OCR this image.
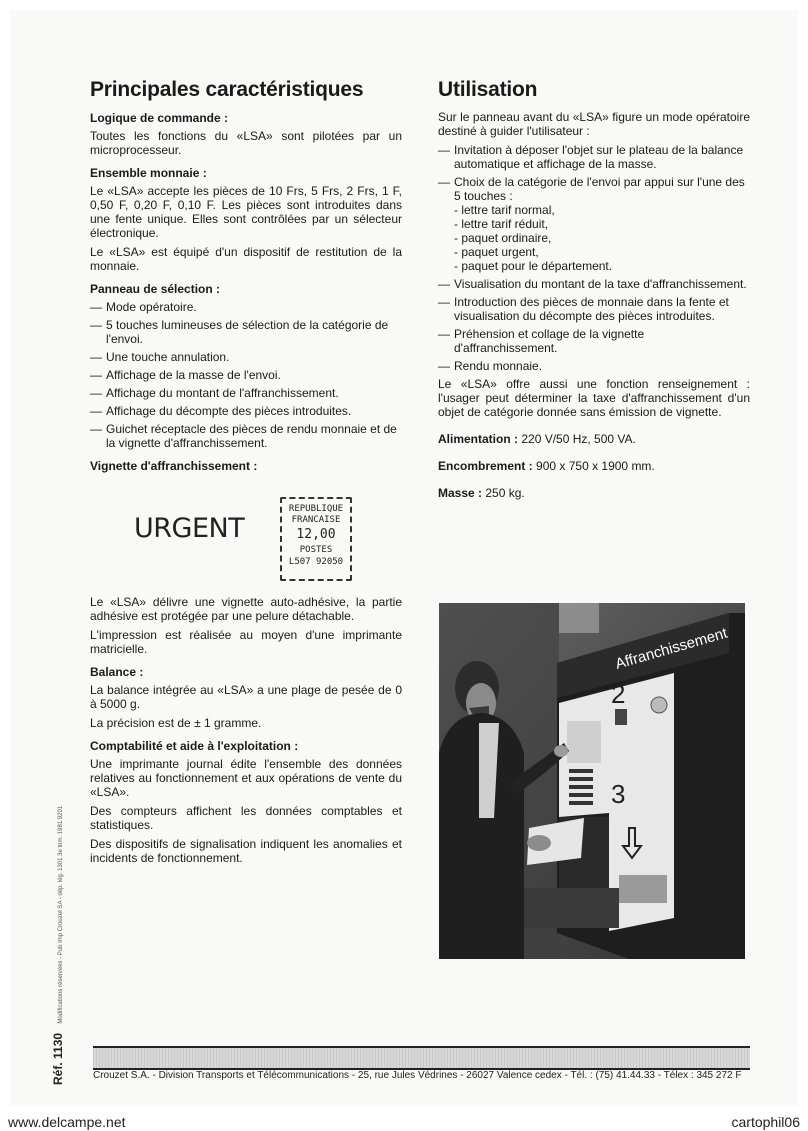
Principales caractéristiques
Logique de commande :

Toutes les fonctions du «LSA» sont pilotées par un microprocesseur.

Ensemble monnaie :

Le «LSA» accepte les pièces de 10 Frs, 5 Frs, 2 Frs, 1 F, 0,50 F, 0,20 F, 0,10 F. Les pièces sont introduites dans une fente unique. Elles sont contrôlées par un sélecteur électronique.

Le «LSA» est équipé d'un dispositif de restitution de la monnaie.

Panneau de sélection :
— Mode opératoire.
— 5 touches lumineuses de sélection de la catégorie de l'envoi.
— Une touche annulation.
— Affichage de la masse de l'envoi.
— Affichage du montant de l'affranchissement.
— Affichage du décompte des pièces introduites.
— Guichet réceptacle des pièces de rendu monnaie et de la vignette d'affranchissement.
Vignette d'affranchissement :
URGENT
REPUBLIQUE
FRANCAISE
12,00
POSTES
L507 92050

Le «LSA» délivre une vignette auto-adhésive, la partie adhésive est protégée par une pelure détachable.

L'impression est réalisée au moyen d'une imprimante matricielle.

Balance :

La balance intégrée au «LSA» a une plage de pesée de 0 à 5000 g.

La précision est de ± 1 gramme.

Comptabilité et aide à l'exploitation :

Une imprimante journal édite l'ensemble des données relatives au fonctionnement et aux opérations de vente du «LSA».

Des compteurs affichent les données comptables et statistiques.

Des dispositifs de signalisation indiquent les anomalies et incidents de fonctionnement.

Utilisation

Sur le panneau avant du «LSA» figure un mode opératoire destiné à guider l'utilisateur :

— Invitation à déposer l'objet sur le plateau de la balance automatique et affichage de la masse.
— Choix de la catégorie de l'envoi par appui sur l'une des 5 touches :
- lettre tarif normal,
- lettre tarif réduit,
- paquet ordinaire,
- paquet urgent,
- paquet pour le département.
— Visualisation du montant de la taxe d'affranchissement.
— Introduction des pièces de monnaie dans la fente et visualisation du décompte des pièces introduites.
— Préhension et collage de la vignette d'affranchissement.
— Rendu monnaie.

Le «LSA» offre aussi une fonction renseignement : l'usager peut déterminer la taxe d'affranchissement d'un objet de catégorie donnée sans émission de vignette.

Alimentation : 220 V/50 Hz, 500 VA.
Encombrement : 900 x 750 x 1900 mm.
Masse : 250 kg.
Affranchissement
2
3
Crouzet S.A. - Division Transports et Télécommunications - 25, rue Jules Védrines - 26027 Valence cedex - Tél. : (75) 41.44.33 - Télex : 345 272 F
Réf. 1130 Modifications réservées - Pub Imp Crouzet SA - dép. lég. 1301 3e trim. 1981 9201
www.delcampe.net	cartophil06
